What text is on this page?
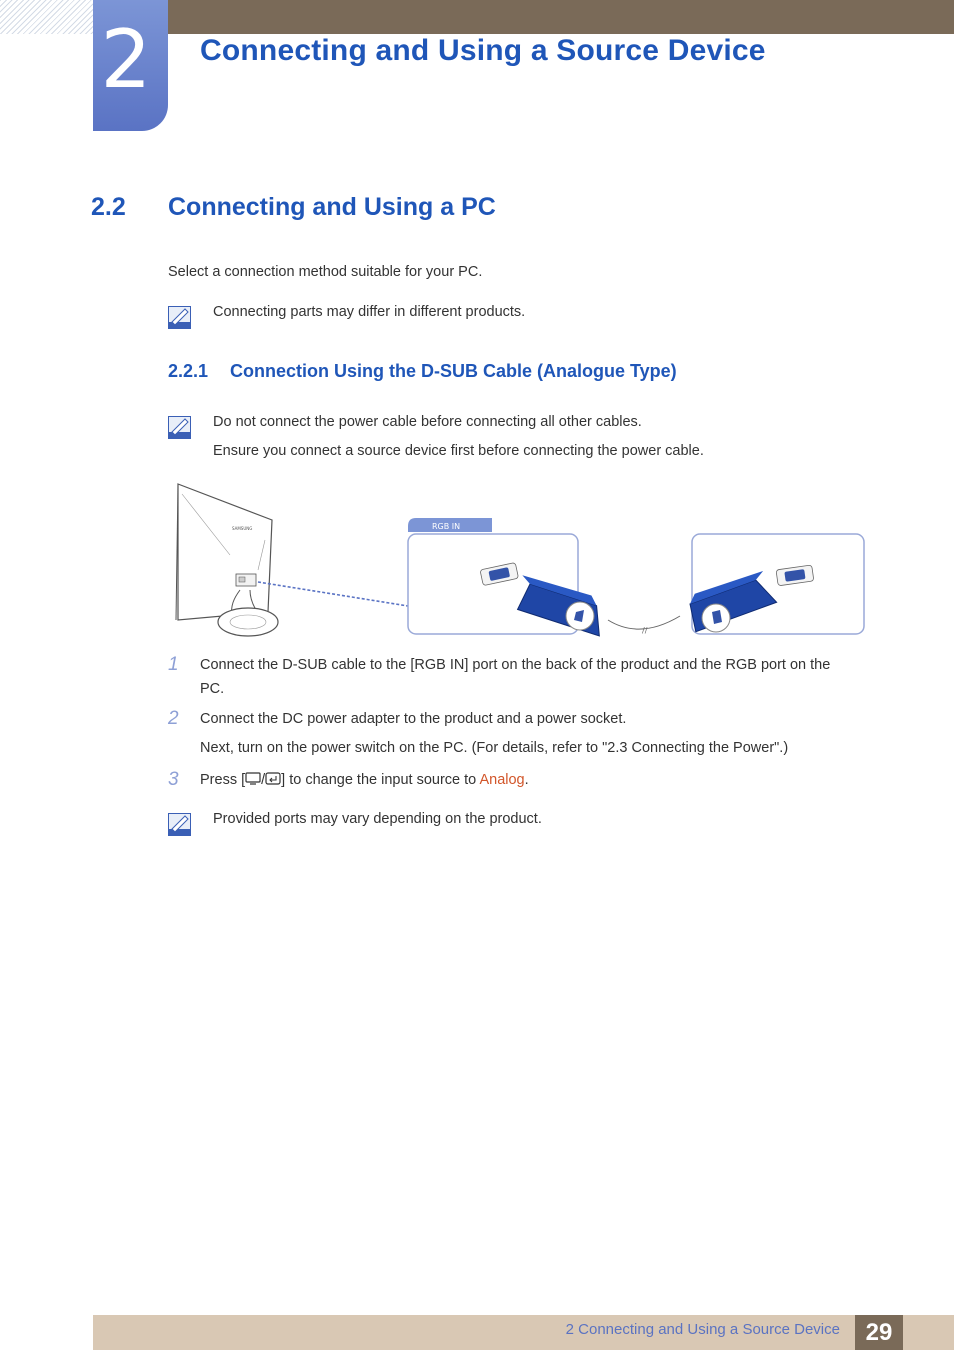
2 Connecting and Using a Source Device
2.2 Connecting and Using a PC
Select a connection method suitable for your PC.
Connecting parts may differ in different products.
2.2.1 Connection Using the D-SUB Cable (Analogue Type)
Do not connect the power cable before connecting all other cables.
Ensure you connect a source device first before connecting the power cable.
SAMSUNG	RGB IN
//
1 Connect the D-SUB cable to the [RGB IN] port on the back of the product and the RGB port on the
PC.
2 Connect the DC power adapter to the product and a power socket.
Next, turn on the power switch on the PC. (For details, refer to "2.3 Connecting the Power".)
3 Press [ / ] to change the input source to Analog.
Provided ports may vary depending on the product.
2 Connecting and Using a Source Device	29
